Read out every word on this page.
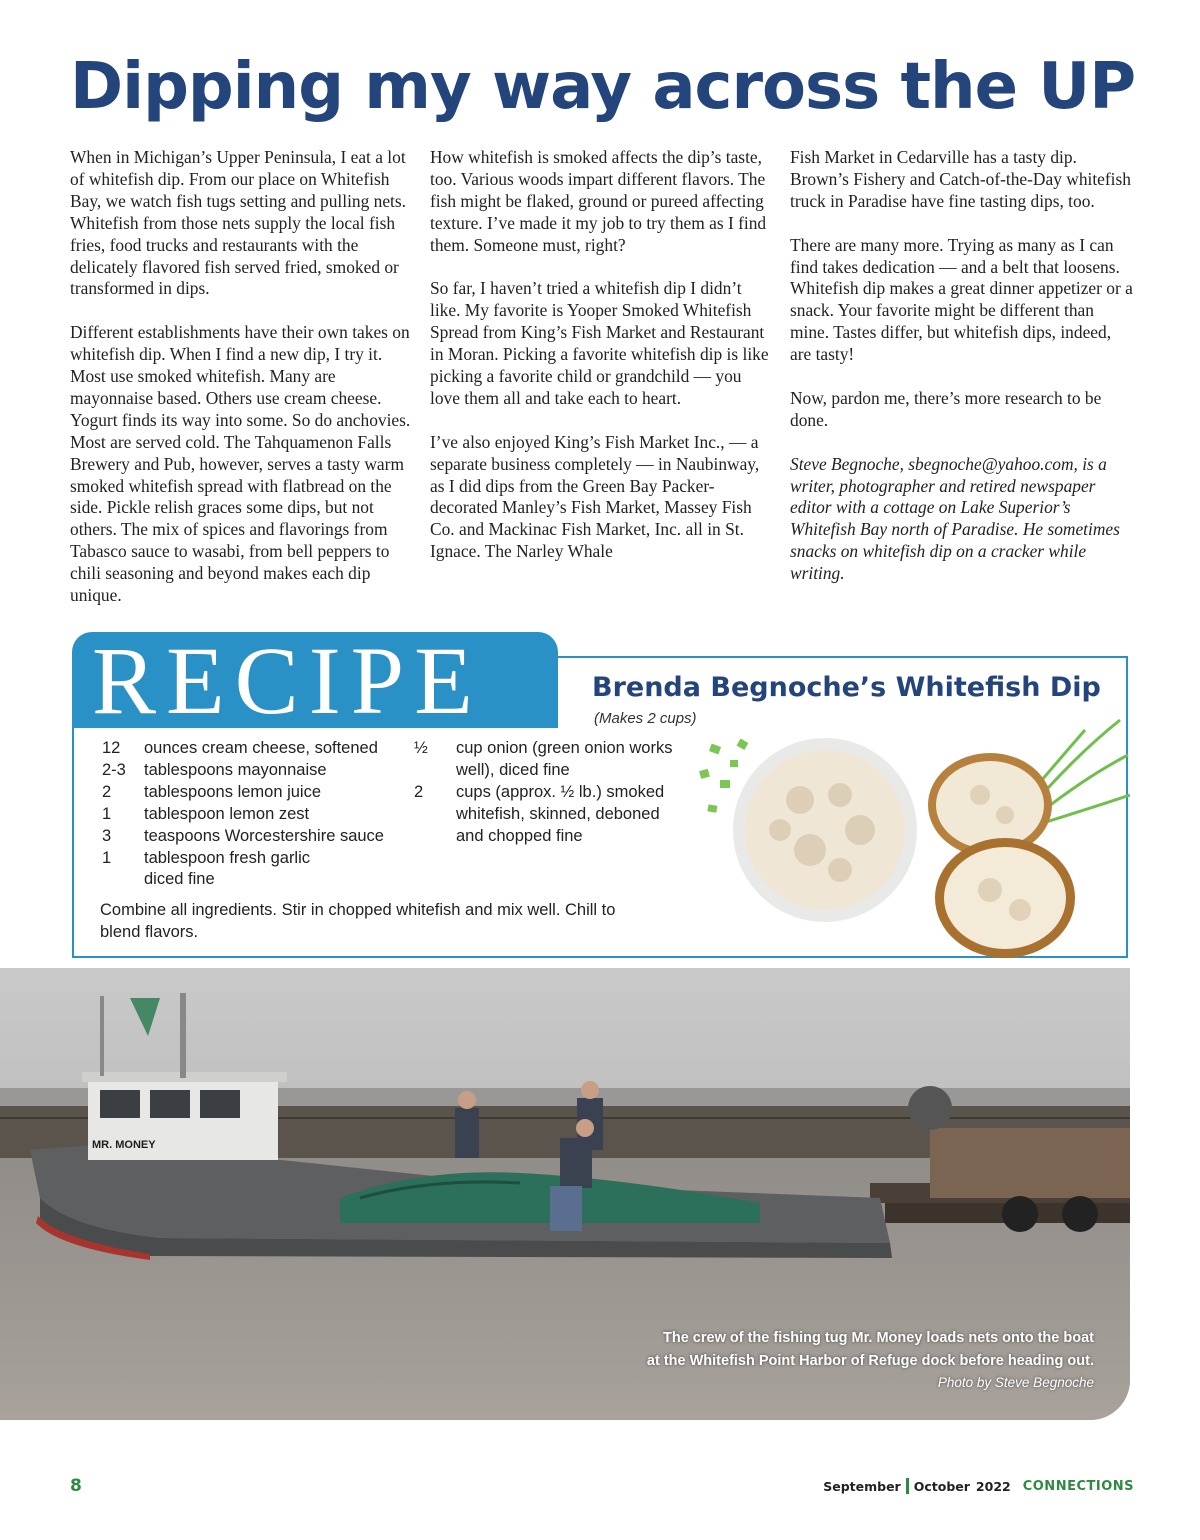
Dipping my way across the UP

When in Michigan’s Upper Peninsula, I eat a lot of whitefish dip. From our place on Whitefish Bay, we watch fish tugs setting and pulling nets. Whitefish from those nets supply the local fish fries, food trucks and restaurants with the delicately flavored fish served fried, smoked or transformed in dips.

Different establishments have their own takes on whitefish dip. When I find a new dip, I try it. Most use smoked whitefish. Many are mayonnaise based. Others use cream cheese. Yogurt finds its way into some. So do anchovies. Most are served cold. The Tahquamenon Falls Brewery and Pub, however, serves a tasty warm smoked whitefish spread with flatbread on the side. Pickle relish graces some dips, but not others. The mix of spices and flavorings from Tabasco sauce to wasabi, from bell peppers to chili seasoning and beyond makes each dip unique.

How whitefish is smoked affects the dip’s taste, too. Various woods impart different flavors. The fish might be flaked, ground or pureed affecting texture. I’ve made it my job to try them as I find them. Someone must, right?

So far, I haven’t tried a whitefish dip I didn’t like. My favorite is Yooper Smoked Whitefish Spread from King’s Fish Market and Restaurant in Moran. Picking a favorite whitefish dip is like picking a favorite child or grandchild — you love them all and take each to heart.

I’ve also enjoyed King’s Fish Market Inc., — a separate business completely — in Naubinway, as I did dips from the Green Bay Packer-decorated Manley’s Fish Market, Massey Fish Co. and Mackinac Fish Market, Inc. all in St. Ignace. The Narley Whale

Fish Market in Cedarville has a tasty dip. Brown’s Fishery and Catch-of-the-Day whitefish truck in Paradise have fine tasting dips, too.

There are many more. Trying as many as I can find takes dedication — and a belt that loosens. Whitefish dip makes a great dinner appetizer or a snack. Your favorite might be different than mine. Tastes differ, but whitefish dips, indeed, are tasty!

Now, pardon me, there’s more research to be done.

Steve Begnoche, sbegnoche@yahoo.com, is a writer, photographer and retired newspaper editor with a cottage on Lake Superior’s Whitefish Bay north of Paradise. He sometimes snacks on whitefish dip on a cracker while writing.

RECIPE	Brenda Begnoche’s Whitefish Dip
(Makes 2 cups)
12	ounces cream cheese, softened
2-3	tablespoons mayonnaise
2	tablespoons lemon juice
1	tablespoon lemon zest
3	teaspoons Worcestershire sauce
1	tablespoon fresh garlic diced fine
½	cup onion (green onion works well), diced fine
2	cups (approx. ½ lb.) smoked whitefish, skinned, deboned and chopped fine
Combine all ingredients. Stir in chopped whitefish and mix well. Chill to blend flavors.
MR. MONEY
The crew of the fishing tug Mr. Money loads nets onto the boat
at the Whitefish Point Harbor of Refuge dock before heading out.
Photo by Steve Begnoche
8	September October 2022 CONNECTIONS
